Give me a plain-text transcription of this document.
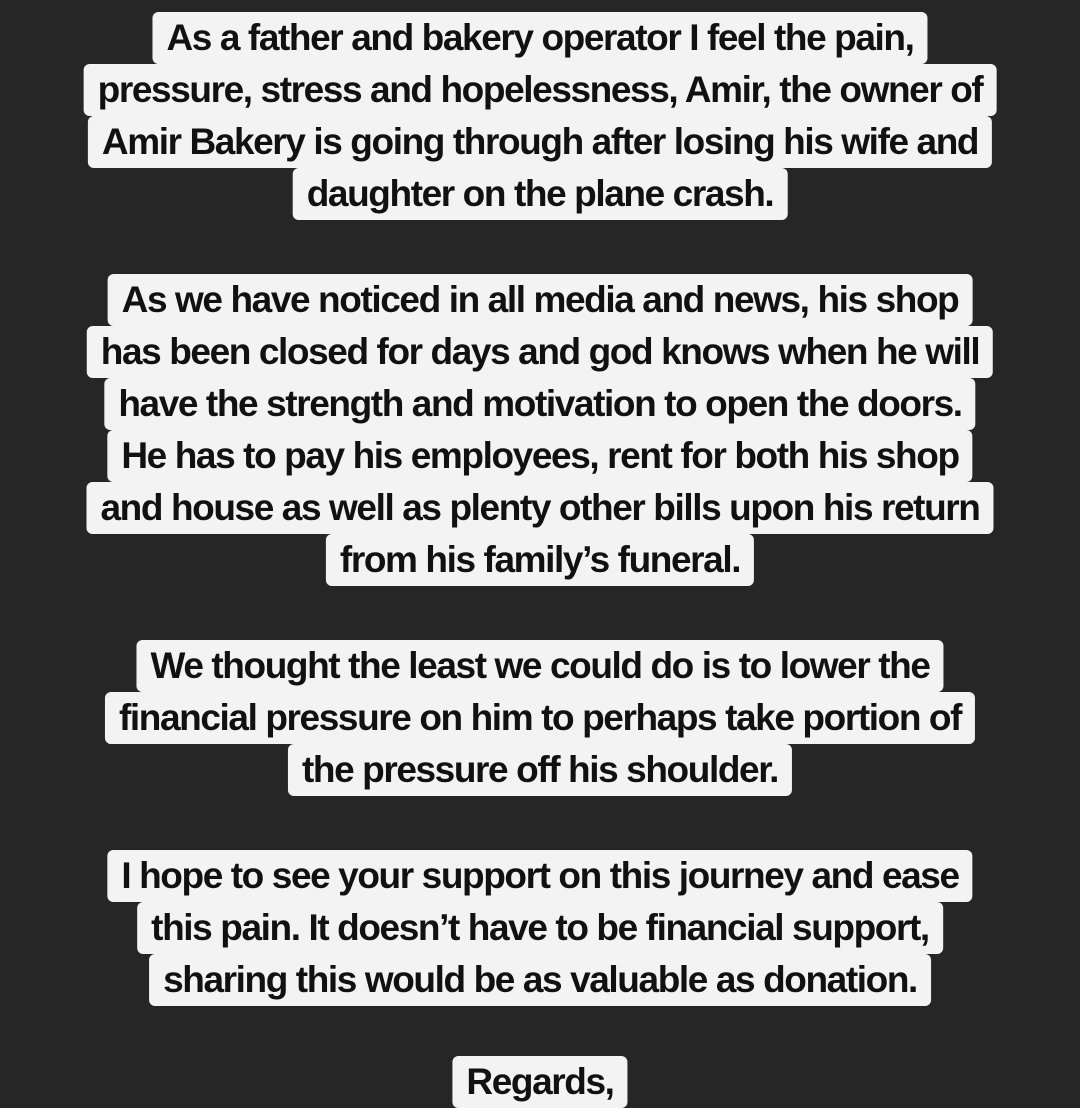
As a father and bakery operator I feel the pain,
pressure, stress and hopelessness, Amir, the owner of
Amir Bakery is going through after losing his wife and
daughter on the plane crash.
As we have noticed in all media and news, his shop
has been closed for days and god knows when he will
have the strength and motivation to open the doors.
He has to pay his employees, rent for both his shop
and house as well as plenty other bills upon his return
from his family’s funeral.
We thought the least we could do is to lower the
financial pressure on him to perhaps take portion of
the pressure off his shoulder.
I hope to see your support on this journey and ease
this pain. It doesn’t have to be financial support,
sharing this would be as valuable as donation.
Regards,
